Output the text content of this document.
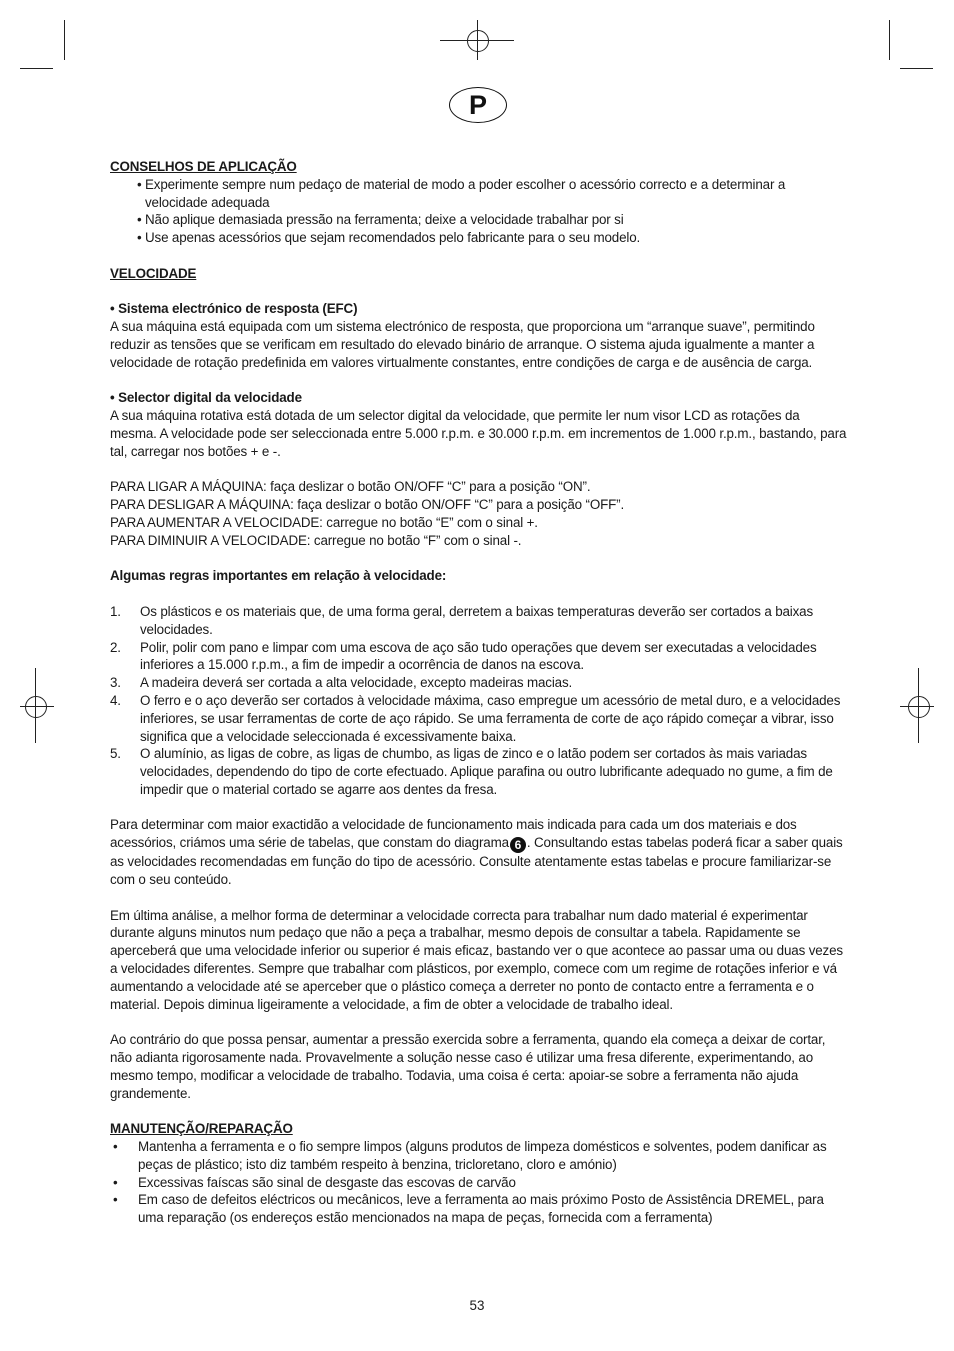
P

CONSELHOS DE APLICAÇÃO

• Experimente sempre num pedaço de material de modo a poder escolher o acessório correcto e a determinar a velocidade adequada
• Não aplique demasiada pressão na ferramenta; deixe a velocidade trabalhar por si
• Use apenas acessórios que sejam recomendados pelo fabricante para o seu modelo.

VELOCIDADE

• Sistema electrónico de resposta (EFC)

A sua máquina está equipada com um sistema electrónico de resposta, que proporciona um “arranque suave”, permitindo reduzir as tensões que se verificam em resultado do elevado binário de arranque. O sistema ajuda igualmente a manter a velocidade de rotação predefinida em valores virtualmente constantes, entre condições de carga e de ausência de carga.

• Selector digital da velocidade

A sua máquina rotativa está dotada de um selector digital da velocidade, que permite ler num visor LCD as rotações da mesma. A velocidade pode ser seleccionada entre 5.000 r.p.m. e 30.000 r.p.m. em incrementos de 1.000 r.p.m., bastando, para tal, carregar nos botões + e -.

PARA LIGAR A MÁQUINA: faça deslizar o botão ON/OFF “C” para a posição “ON”.

PARA DESLIGAR A MÁQUINA: faça deslizar o botão ON/OFF “C” para a posição “OFF”.

PARA AUMENTAR A VELOCIDADE: carregue no botão “E” com o sinal +.

PARA DIMINUIR A VELOCIDADE: carregue no botão “F” com o sinal -.

Algumas regras importantes em relação à velocidade:

1. Os plásticos e os materiais que, de uma forma geral, derretem a baixas temperaturas deverão ser cortados a baixas velocidades.
2. Polir, polir com pano e limpar com uma escova de aço são tudo operações que devem ser executadas a velocidades inferiores a 15.000 r.p.m., a fim de impedir a ocorrência de danos na escova.
3. A madeira deverá ser cortada a alta velocidade, excepto madeiras macias.
4. O ferro e o aço deverão ser cortados à velocidade máxima, caso empregue um acessório de metal duro, e a velocidades inferiores, se usar ferramentas de corte de aço rápido. Se uma ferramenta de corte de aço rápido começar a vibrar, isso significa que a velocidade seleccionada é excessivamente baixa.
5. O alumínio, as ligas de cobre, as ligas de chumbo, as ligas de zinco e o latão podem ser cortados às mais variadas velocidades, dependendo do tipo de corte efectuado. Aplique parafina ou outro lubrificante adequado no gume, a fim de impedir que o material cortado se agarre aos dentes da fresa.

Para determinar com maior exactidão a velocidade de funcionamento mais indicada para cada um dos materiais e dos acessórios, criámos uma série de tabelas, que constam do diagrama 6 . Consultando estas tabelas poderá ficar a saber quais as velocidades recomendadas em função do tipo de acessório. Consulte atentamente estas tabelas e procure familiarizar-se com o seu conteúdo.

Em última análise, a melhor forma de determinar a velocidade correcta para trabalhar num dado material é experimentar durante alguns minutos num pedaço que não a peça a trabalhar, mesmo depois de consultar a tabela. Rapidamente se aperceberá que uma velocidade inferior ou superior é mais eficaz, bastando ver o que acontece ao passar uma ou duas vezes a velocidades diferentes. Sempre que trabalhar com plásticos, por exemplo, comece com um regime de rotações inferior e vá aumentando a velocidade até se aperceber que o plástico começa a derreter no ponto de contacto entre a ferramenta e o material. Depois diminua ligeiramente a velocidade, a fim de obter a velocidade de trabalho ideal.

Ao contrário do que possa pensar, aumentar a pressão exercida sobre a ferramenta, quando ela começa a deixar de cortar, não adianta rigorosamente nada. Provavelmente a solução nesse caso é utilizar uma fresa diferente, experimentando, ao mesmo tempo, modificar a velocidade de trabalho. Todavia, uma coisa é certa: apoiar-se sobre a ferramenta não ajuda grandemente.

MANUTENÇÃO/REPARAÇÃO

• Mantenha a ferramenta e o fio sempre limpos (alguns produtos de limpeza domésticos e solventes, podem danificar as peças de plástico; isto diz também respeito à benzina, tricloretano, cloro e amónio)
• Excessivas faíscas são sinal de desgaste das escovas de carvão
• Em caso de defeitos eléctricos ou mecânicos, leve a ferramenta ao mais próximo Posto de Assistência DREMEL, para uma reparação (os endereços estão mencionados na mapa de peças, fornecida com a ferramenta)
53
